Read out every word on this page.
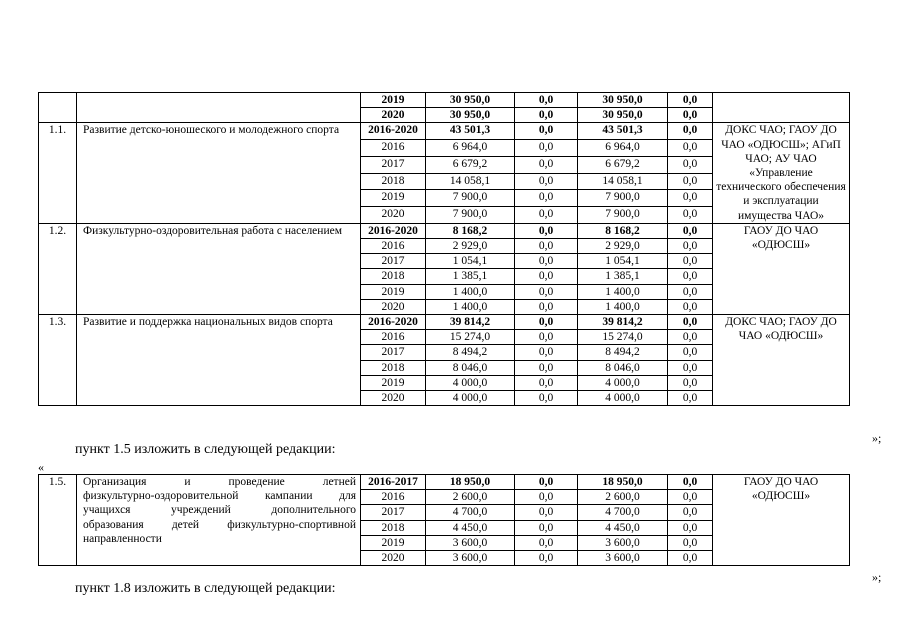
		2019	30 950,0	0,0	30 950,0	0,0	
		2020	30 950,0	0,0	30 950,0	0,0	
1.1.	Развитие детско-юношеского и молодежного спорта	2016-2020	43 501,3	0,0	43 501,3	0,0	ДОКС ЧАО; ГАОУ ДО ЧАО «ОДЮСШ»; АГиП ЧАО; АУ ЧАО «Управление технического обеспечения и эксплуатации имущества ЧАО»
		2016	6 964,0	0,0	6 964,0	0,0	
		2017	6 679,2	0,0	6 679,2	0,0	
		2018	14 058,1	0,0	14 058,1	0,0	
		2019	7 900,0	0,0	7 900,0	0,0	
		2020	7 900,0	0,0	7 900,0	0,0	
1.2.	Физкультурно-оздоровительная работа с населением	2016-2020	8 168,2	0,0	8 168,2	0,0	ГАОУ ДО ЧАО «ОДЮСШ»
		2016	2 929,0	0,0	2 929,0	0,0	
		2017	1 054,1	0,0	1 054,1	0,0	
		2018	1 385,1	0,0	1 385,1	0,0	
		2019	1 400,0	0,0	1 400,0	0,0	
		2020	1 400,0	0,0	1 400,0	0,0	
1.3.	Развитие и поддержка национальных видов спорта	2016-2020	39 814,2	0,0	39 814,2	0,0	ДОКС ЧАО; ГАОУ ДО ЧАО «ОДЮСШ»
		2016	15 274,0	0,0	15 274,0	0,0	
		2017	8 494,2	0,0	8 494,2	0,0	
		2018	8 046,0	0,0	8 046,0	0,0	
		2019	4 000,0	0,0	4 000,0	0,0	
		2020	4 000,0	0,0	4 000,0	0,0	
»;
пункт 1.5 изложить в следующей редакции:
«
1.5.	Организация и проведение летней
физкультурно-оздоровительной кампании для
учащихся учреждений дополнительного
образования детей физкультурно-спортивной
направленности	2016-2017	18 950,0	0,0	18 950,0	0,0	ГАОУ ДО ЧАО «ОДЮСШ»
		2016	2 600,0	0,0	2 600,0	0,0	
		2017	4 700,0	0,0	4 700,0	0,0	
		2018	4 450,0	0,0	4 450,0	0,0	
		2019	3 600,0	0,0	3 600,0	0,0	
		2020	3 600,0	0,0	3 600,0	0,0	
»;
пункт 1.8 изложить в следующей редакции:
